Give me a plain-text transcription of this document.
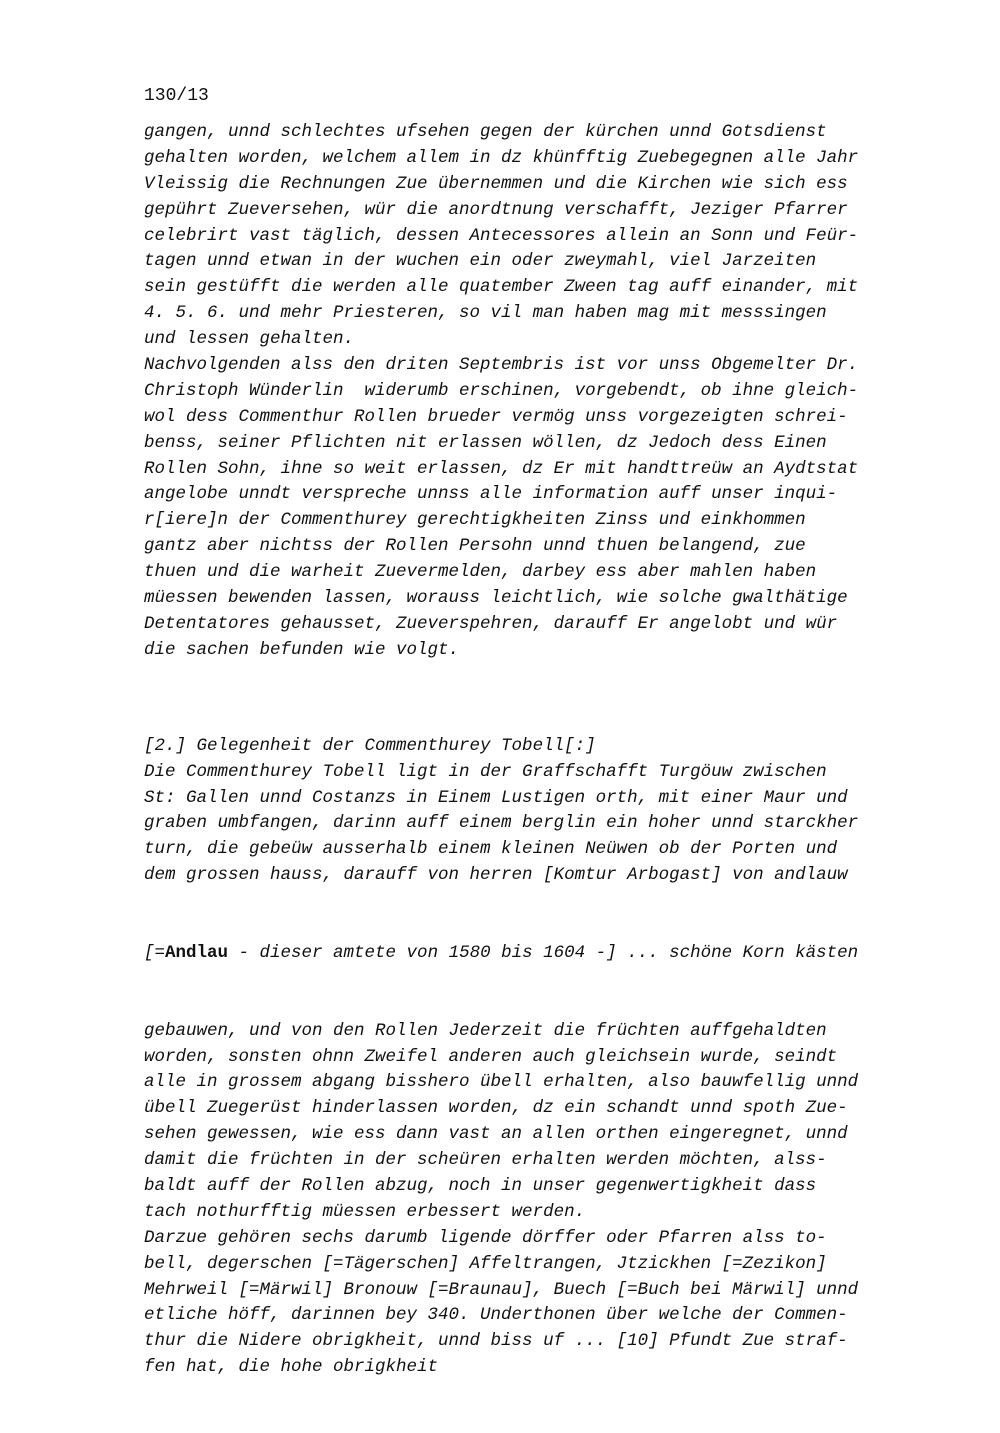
130/13
gangen, unnd schlechtes ufsehen gegen der kürchen unnd Gotsdienst
gehalten worden, welchem allem in dz khünfftig Zuebegegnen alle Jahr
Vleissig die Rechnungen Zue übernemmen und die Kirchen wie sich ess
gepührt Zueversehen, wür die anordtnung verschafft, Jeziger Pfarrer
celebrirt vast täglich, dessen Antecessores allein an Sonn und Feür-
tagen unnd etwan in der wuchen ein oder zweymahl, viel Jarzeiten
sein gestüfft die werden alle quatember Zween tag auff einander, mit
4. 5. 6. und mehr Priesteren, so vil man haben mag mit messsingen
und lessen gehalten.
Nachvolgenden alss den driten Septembris ist vor unss Obgemelter Dr.
Christoph Wünderlin  widerumb erschinen, vorgebendt, ob ihne gleich-
wol dess Commenthur Rollen brueder vermög unss vorgezeigten schrei-
benss, seiner Pflichten nit erlassen wöllen, dz Jedoch dess Einen
Rollen Sohn, ihne so weit erlassen, dz Er mit handttreüw an Aydtstat
angelobe unndt verspreche unnss alle information auff unser inqui-
r[iere]n der Commenthurey gerechtigkheiten Zinss und einkhommen
gantz aber nichtss der Rollen Persohn unnd thuen belangend, zue
thuen und die warheit Zuevermelden, darbey ess aber mahlen haben
müessen bewenden lassen, worauss leichtlich, wie solche gwalthätige
Detentatores gehausset, Zueverspehren, darauff Er angelobt und wür
die sachen befunden wie volgt.

[2.] Gelegenheit der Commenthurey Tobell[:]
Die Commenthurey Tobell ligt in der Graffschafft Turgöuw zwischen
St: Gallen unnd Costanzs in Einem Lustigen orth, mit einer Maur und
graben umbfangen, darinn auff einem berglin ein hoher unnd starckher
turn, die gebeüw ausserhalb einem kleinen Neüwen ob der Porten und
dem grossen hauss, darauff von herren [Komtur Arbogast] von andlauw

[=Andlau - dieser amtete von 1580 bis 1604 -] ... schöne Korn kästen

gebauwen, und von den Rollen Jederzeit die früchten auffgehaldten
worden, sonsten ohnn Zweifel anderen auch gleichsein wurde, seindt
alle in grossem abgang bisshero übell erhalten, also bauwfellig unnd
übell Zuegerüst hinderlassen worden, dz ein schandt unnd spoth Zue-
sehen gewessen, wie ess dann vast an allen orthen eingeregnet, unnd
damit die früchten in der scheüren erhalten werden möchten, alss-
baldt auff der Rollen abzug, noch in unser gegenwertigkheit dass
tach nothurfftig müessen erbessert werden.
Darzue gehören sechs darumb ligende dörffer oder Pfarren alss to-
bell, degerschen [=Tägerschen] Affeltrangen, Jtzickhen [=Zezikon]
Mehrweil [=Märwil] Bronouw [=Braunau], Buech [=Buch bei Märwil] unnd
etliche höff, darinnen bey 340. Underthonen über welche der Commen-
thur die Nidere obrigkheit, unnd biss uf ... [10] Pfundt Zue straf-
fen hat, die hohe obrigkheit
